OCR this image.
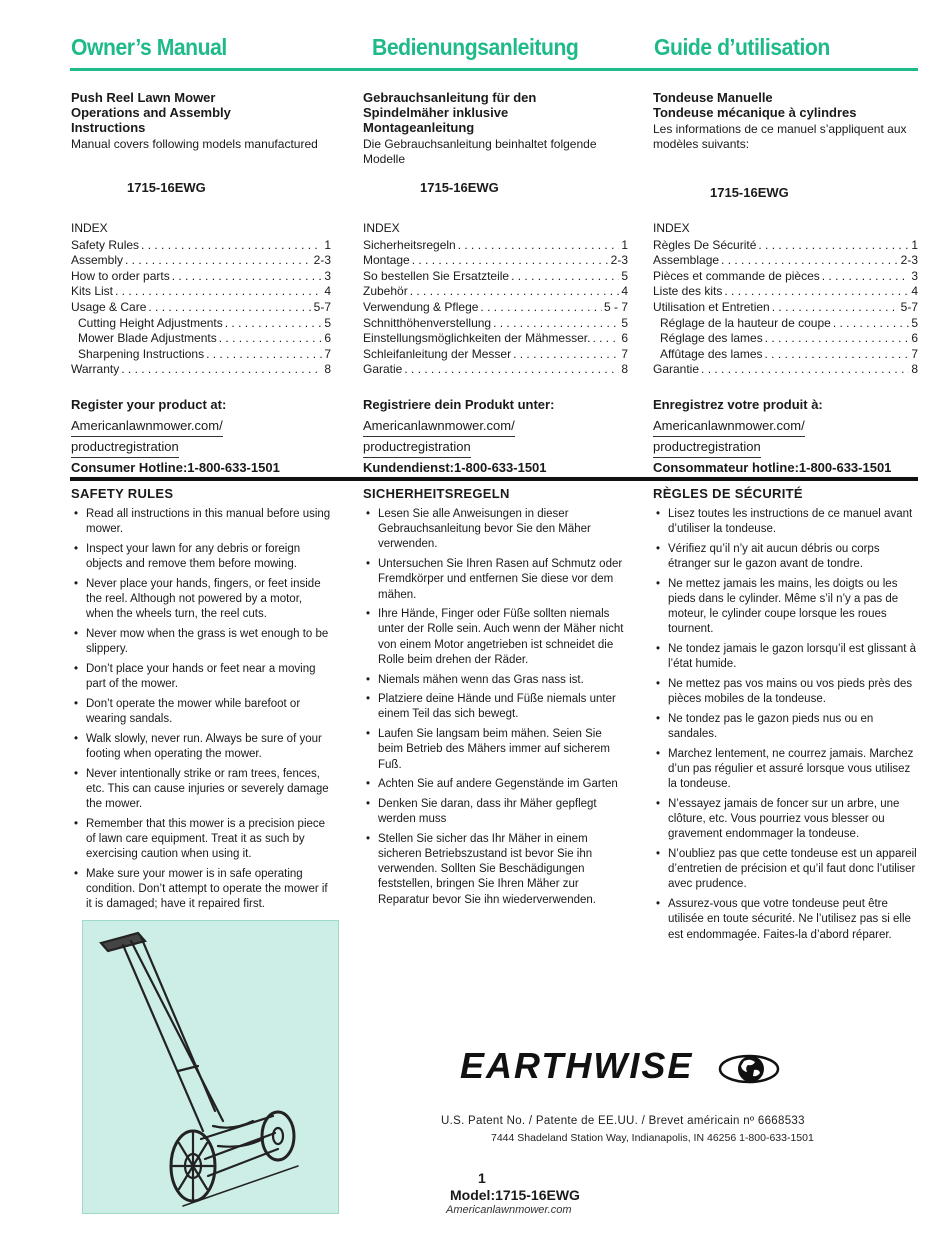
Owner’s Manual	Bedienungsanleitung	Guide d’utilisation
Push Reel Lawn Mower
Operations and Assembly
Instructions
Manual covers following models manufactured
1715-16EWG
INDEX
Safety Rules . . .	1
Assembly . . .	2-3
How to order parts . . .	3
Kits List . . .	4
Usage & Care . . .	5-7
Cutting Height Adjustments . . .	5
Mower Blade Adjustments . . .	6
Sharpening Instructions . . .	7
Warranty . . .	8
Register your product at:
Americanlawnmower.com/
productregistration
Consumer Hotline:1-800-633-1501
SAFETY RULES
• Read all instructions in this manual before using mower.
• Inspect your lawn for any debris or foreign objects and remove them before mowing.
• Never place your hands, fingers, or feet inside the reel. Although not powered by a motor, when the wheels turn, the reel cuts.
• Never mow when the grass is wet enough to be slippery.
• Don’t place your hands or feet near a moving part of the mower.
• Don’t operate the mower while barefoot or wearing sandals.
• Walk slowly, never run. Always be sure of your footing when operating the mower.
• Never intentionally strike or ram trees, fences, etc. This can cause injuries or severely damage the mower.
• Remember that this mower is a precision piece of lawn care equipment. Treat it as such by exercising caution when using it.
• Make sure your mower is in safe operating condition. Don’t attempt to operate the mower if it is damaged; have it repaired first.
Gebrauchsanleitung für den
Spindelmäher inklusive
Montageanleitung
Die Gebrauchsanleitung beinhaltet folgende Modelle
1715-16EWG
INDEX
Sicherheitsregeln . . .	1
Montage . . .	2-3
So bestellen Sie Ersatzteile . . .	5
Zubehör . . .	4
Verwendung & Pflege . . .	5 - 7
Schnitthöhenverstellung . . .	5
Einstellungsmöglichkeiten der Mähmesser. . . .	6
Schleifanleitung der Messer . . .	7
Garatie . . .	8
Registriere dein Produkt unter:
Americanlawnmower.com/
productregistration
Kundendienst:1-800-633-1501
SICHERHEITSREGELN
• Lesen Sie alle Anweisungen in dieser Gebrauchsanleitung bevor Sie den Mäher verwenden.
• Untersuchen Sie Ihren Rasen auf Schmutz oder Fremdkörper und entfernen Sie diese vor dem mähen.
• Ihre Hände, Finger oder Füße sollten niemals unter der Rolle sein. Auch wenn der Mäher nicht von einem Motor angetrieben ist schneidet die Rolle beim drehen der Räder.
• Niemals mähen wenn das Gras nass ist.
• Platziere deine Hände und Füße niemals unter einem Teil das sich bewegt.
• Laufen Sie langsam beim mähen. Seien Sie beim Betrieb des Mähers immer auf sicherem Fuß.
• Achten Sie auf andere Gegenstände im Garten
• Denken Sie daran, dass ihr Mäher gepflegt werden muss
• Stellen Sie sicher das Ihr Mäher in einem sicheren Betriebszustand ist bevor Sie ihn verwenden. Sollten Sie Beschädigungen feststellen, bringen Sie Ihren Mäher zur Reparatur bevor Sie ihn wiederverwenden.
Tondeuse Manuelle
Tondeuse mécanique à cylindres
Les informations de ce manuel s’appliquent aux modèles suivants:
1715-16EWG
INDEX
Règles De Sécurité . . .	1
Assemblage . . .	2-3
Pièces et commande de pièces . . .	3
Liste des kits . . .	4
Utilisation et Entretien . . .	5-7
Réglage de la hauteur de coupe . . .	5
Réglage des lames . . .	6
Affûtage des lames . . .	7
Garantie . . .	8
Enregistrez votre produit à:
Americanlawnmower.com/
productregistration
Consommateur hotline:1-800-633-1501
RÈGLES DE SÉCURITÉ
• Lisez toutes les instructions de ce manuel avant d’utiliser la tondeuse.
• Vérifiez qu’il n’y ait aucun débris ou corps étranger sur le gazon avant de tondre.
• Ne mettez jamais les mains, les doigts ou les pieds dans le cylinder. Même s’il n’y a pas de moteur, le cylinder coupe lorsque les roues tournent.
• Ne tondez jamais le gazon lorsqu’il est glissant à l’état humide.
• Ne mettez pas vos mains ou vos pieds près des pièces mobiles de la tondeuse.
• Ne tondez pas le gazon pieds nus ou en sandales.
• Marchez lentement, ne courrez jamais. Marchez d’un pas régulier et assuré lorsque vous utilisez la tondeuse.
• N’essayez jamais de foncer sur un arbre, une clôture, etc. Vous pourriez vous blesser ou gravement endommager la tondeuse.
• N’oubliez pas que cette tondeuse est un appareil d’entretien de précision et qu’il faut donc l’utiliser avec prudence.
• Assurez-vous que votre tondeuse peut être utilisée en toute sécurité. Ne l’utilisez pas si elle est endommagée. Faites-la d’abord réparer.
EARTHWISE
U.S. Patent No. / Patente de EE.UU. / Brevet américain nº 6668533
7444 Shadeland Station Way, Indianapolis, IN 46256 1-800-633-1501
1
Model:1715-16EWG
Americanlawnmower.com
